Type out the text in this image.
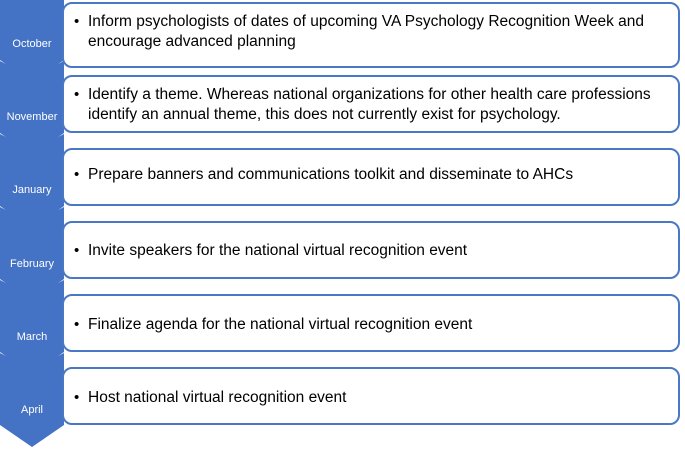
• Inform psychologists of dates of upcoming VA Psychology Recognition Week and encourage advanced planning
October
• Identify a theme. Whereas national organizations for other health care professions identify an annual theme, this does not currently exist for psychology.
November
• Prepare banners and communications toolkit and disseminate to AHCs
January
• Invite speakers for the national virtual recognition event
February
• Finalize agenda for the national virtual recognition event
March
• Host national virtual recognition event
April
